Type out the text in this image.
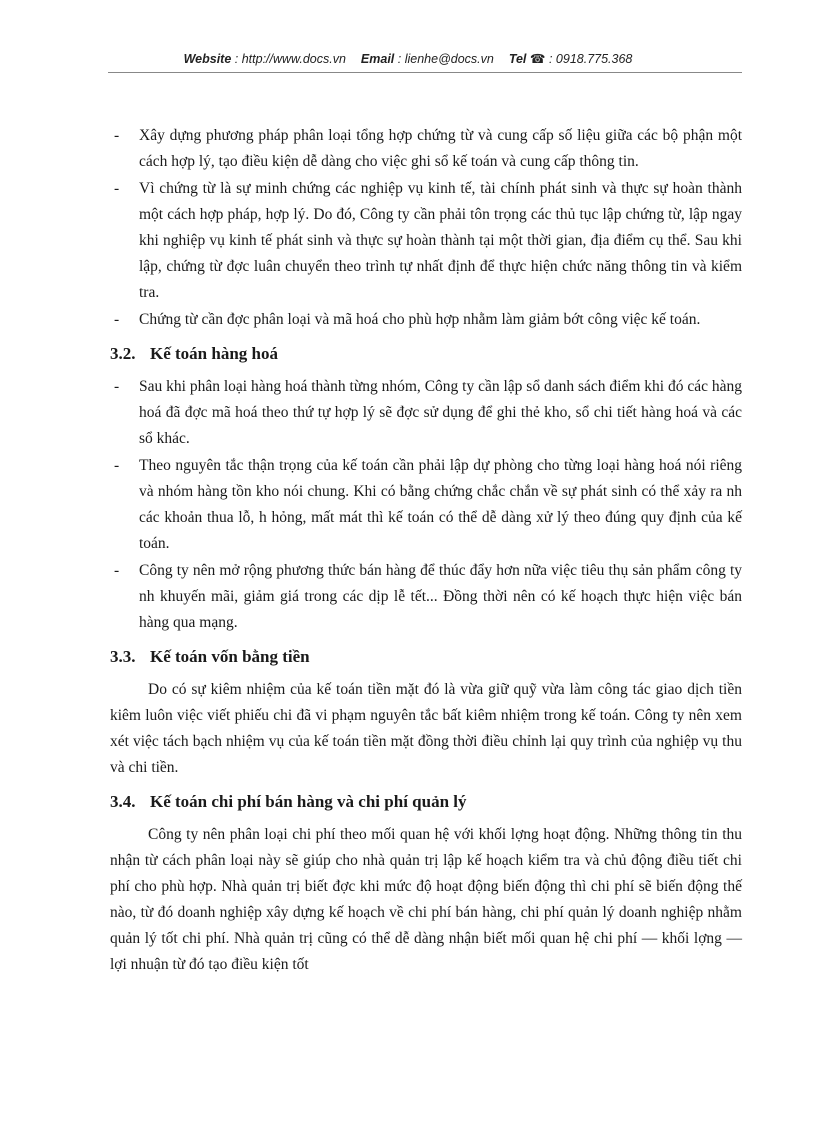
Website : http://www.docs.vn Email : lienhe@docs.vn Tel ☎ : 0918.775.368
- Xây dựng phương pháp phân loại tổng hợp chứng từ và cung cấp số liệu giữa các bộ phận một cách hợp lý, tạo điều kiện dễ dàng cho việc ghi sổ kế toán và cung cấp thông tin.
- Vì chứng từ là sự minh chứng các nghiệp vụ kinh tế, tài chính phát sinh và thực sự hoàn thành một cách hợp pháp, hợp lý. Do đó, Công ty cần phải tôn trọng các thủ tục lập chứng từ, lập ngay khi nghiệp vụ kinh tế phát sinh và thực sự hoàn thành tại một thời gian, địa điểm cụ thể. Sau khi lập, chứng từ đợc luân chuyển theo trình tự nhất định để thực hiện chức năng thông tin và kiểm tra.
- Chứng từ cần đợc phân loại và mã hoá cho phù hợp nhằm làm giảm bớt công việc kế toán.
3.2. Kế toán hàng hoá
- Sau khi phân loại hàng hoá thành từng nhóm, Công ty cần lập sổ danh sách điểm khi đó các hàng hoá đã đợc mã hoá theo thứ tự hợp lý sẽ đợc sử dụng để ghi thẻ kho, sổ chi tiết hàng hoá và các sổ khác.
- Theo nguyên tắc thận trọng của kế toán cần phải lập dự phòng cho từng loại hàng hoá nói riêng và nhóm hàng tồn kho nói chung. Khi có bằng chứng chắc chắn về sự phát sinh có thể xảy ra nh các khoản thua lỗ, h hỏng, mất mát thì kế toán có thể dễ dàng xử lý theo đúng quy định của kế toán.
- Công ty nên mở rộng phương thức bán hàng để thúc đẩy hơn nữa việc tiêu thụ sản phẩm công ty nh khuyến mãi, giảm giá trong các dịp lễ tết... Đồng thời nên có kế hoạch thực hiện việc bán hàng qua mạng.
3.3. Kế toán vốn bằng tiền

Do có sự kiêm nhiệm của kế toán tiền mặt đó là vừa giữ quỹ vừa làm công tác giao dịch tiền kiêm luôn việc viết phiếu chi đã vi phạm nguyên tắc bất kiêm nhiệm trong kế toán. Công ty nên xem xét việc tách bạch nhiệm vụ của kế toán tiền mặt đồng thời điều chỉnh lại quy trình của nghiệp vụ thu và chi tiền.

3.4. Kế toán chi phí bán hàng và chi phí quản lý

Công ty nên phân loại chi phí theo mối quan hệ với khối lợng hoạt động. Những thông tin thu nhận từ cách phân loại này sẽ giúp cho nhà quản trị lập kế hoạch kiểm tra và chủ động điều tiết chi phí cho phù hợp. Nhà quản trị biết đợc khi mức độ hoạt động biến động thì chi phí sẽ biến động thế nào, từ đó doanh nghiệp xây dựng kế hoạch về chi phí bán hàng, chi phí quản lý doanh nghiệp nhằm quản lý tốt chi phí. Nhà quản trị cũng có thể dễ dàng nhận biết mối quan hệ chi phí — khối lợng — lợi nhuận từ đó tạo điều kiện tốt
